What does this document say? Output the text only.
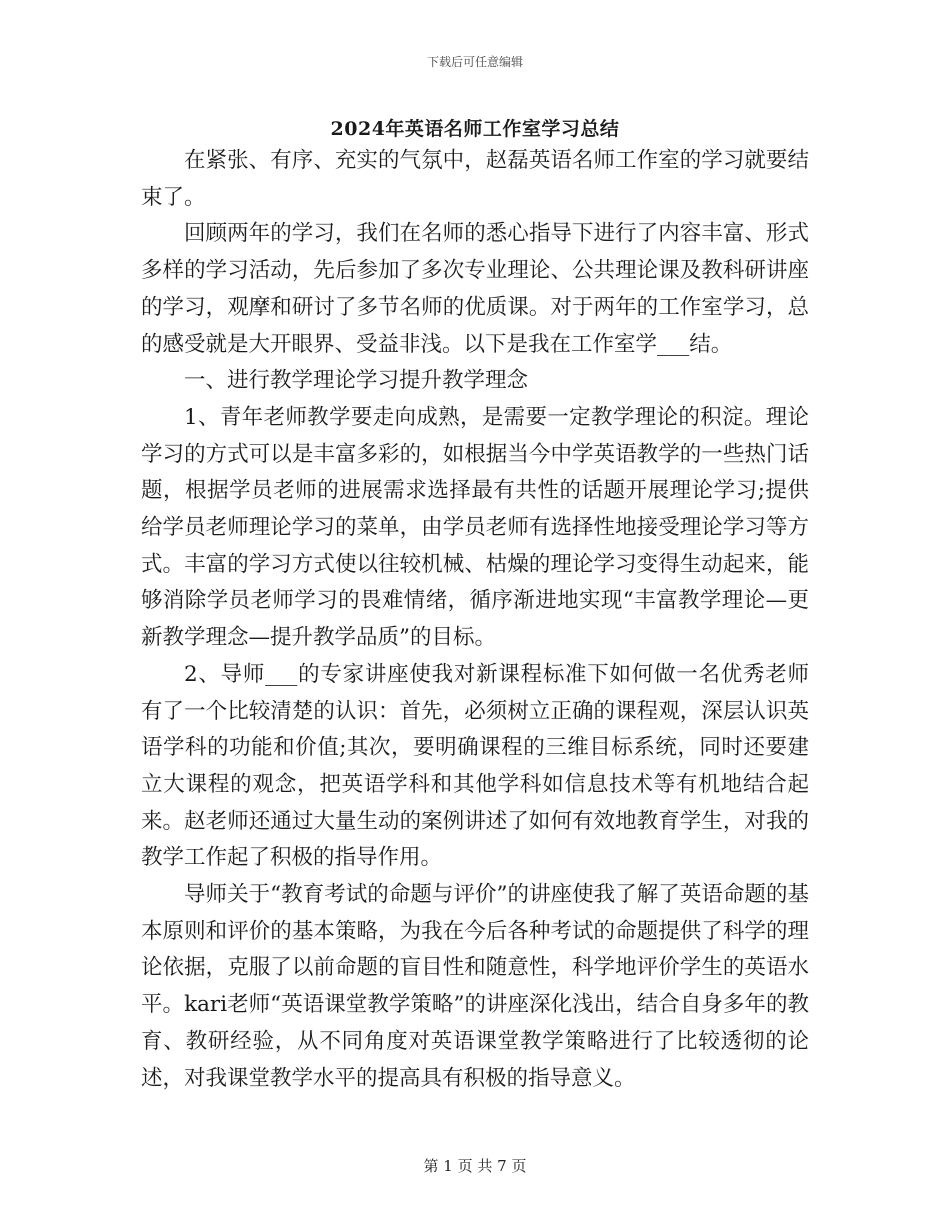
下载后可任意编辑
2024年英语名师工作室学习总结

在紧张、有序、充实的气氛中，赵磊英语名师工作室的学习就要结束了。

回顾两年的学习，我们在名师的悉心指导下进行了内容丰富、形式多样的学习活动，先后参加了多次专业理论、公共理论课及教科研讲座的学习，观摩和研讨了多节名师的优质课。对于两年的工作室学习，总的感受就是大开眼界、受益非浅。以下是我在工作室学___结。

一、进行教学理论学习提升教学理念

1、青年老师教学要走向成熟，是需要一定教学理论的积淀。理论学习的方式可以是丰富多彩的，如根据当今中学英语教学的一些热门话题，根据学员老师的进展需求选择最有共性的话题开展理论学习;提供给学员老师理论学习的菜单，由学员老师有选择性地接受理论学习等方式。丰富的学习方式使以往较机械、枯燥的理论学习变得生动起来，能够消除学员老师学习的畏难情绪，循序渐进地实现“丰富教学理论—更新教学理念—提升教学品质”的目标。

2、导师___的专家讲座使我对新课程标准下如何做一名优秀老师有了一个比较清楚的认识：首先，必须树立正确的课程观，深层认识英语学科的功能和价值;其次，要明确课程的三维目标系统，同时还要建立大课程的观念，把英语学科和其他学科如信息技术等有机地结合起来。赵老师还通过大量生动的案例讲述了如何有效地教育学生，对我的教学工作起了积极的指导作用。

导师关于“教育考试的命题与评价”的讲座使我了解了英语命题的基本原则和评价的基本策略，为我在今后各种考试的命题提供了科学的理论依据，克服了以前命题的盲目性和随意性，科学地评价学生的英语水平。kari老师“英语课堂教学策略”的讲座深化浅出，结合自身多年的教育、教研经验，从不同角度对英语课堂教学策略进行了比较透彻的论述，对我课堂教学水平的提高具有积极的指导意义。

第 1 页 共 7 页
